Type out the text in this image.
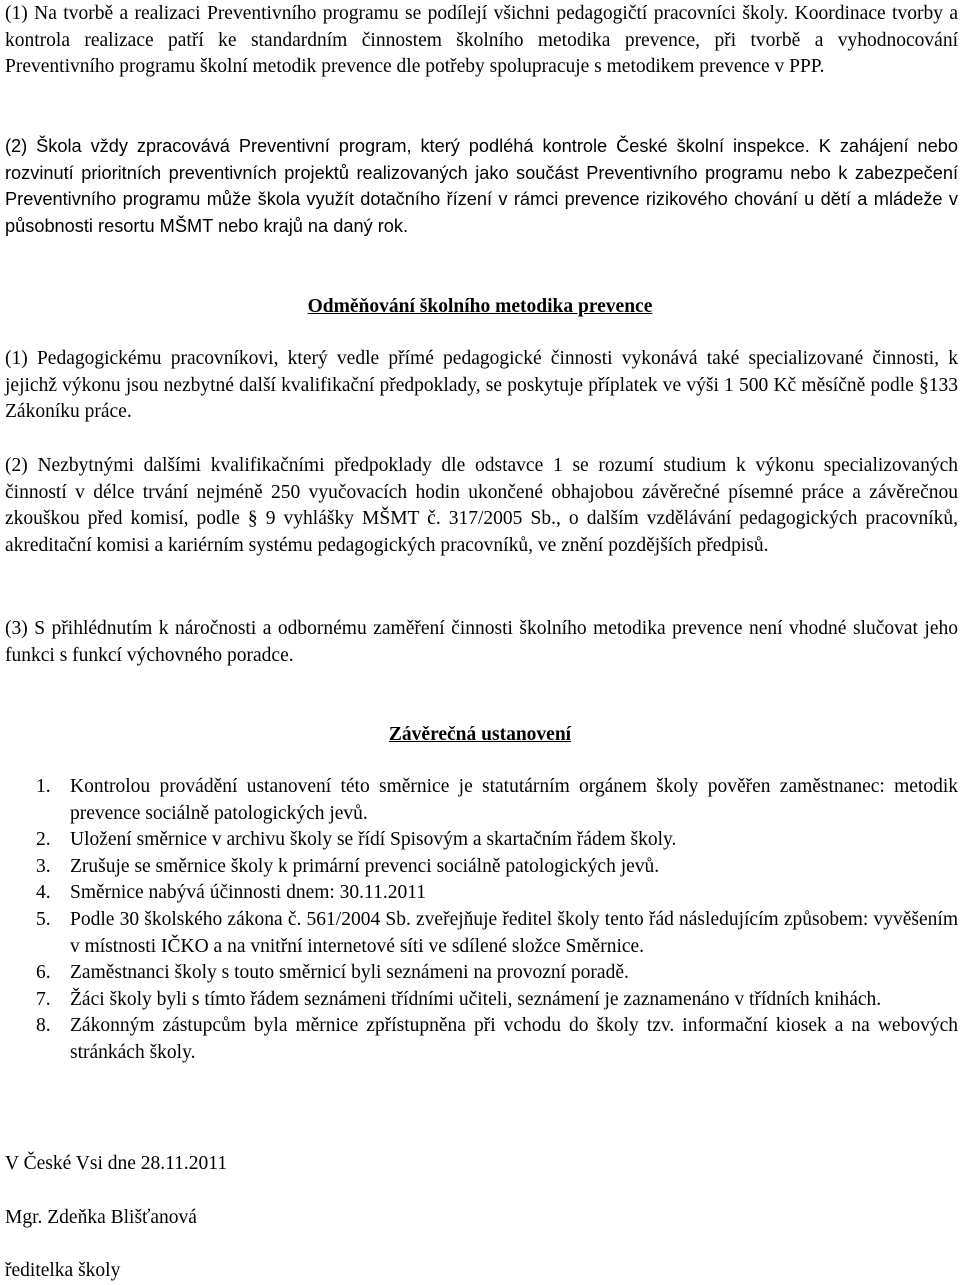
(1) Na tvorbě a realizaci Preventivního programu se podílejí všichni pedagogičtí pracovníci školy. Koordinace tvorby a kontrola realizace patří ke standardním činnostem školního metodika prevence, při tvorbě a vyhodnocování Preventivního programu školní metodik prevence dle potřeby spolupracuje s metodikem prevence v PPP.

(2) Škola vždy zpracovává Preventivní program, který podléhá kontrole České školní inspekce. K zahájení nebo rozvinutí prioritních preventivních projektů realizovaných jako součást Preventivního programu nebo k zabezpečení Preventivního programu může škola využít dotačního řízení v rámci prevence rizikového chování u dětí a mládeže v působnosti resortu MŠMT nebo krajů na daný rok.

Odměňování školního metodika prevence

(1) Pedagogickému pracovníkovi, který vedle přímé pedagogické činnosti vykonává také specializované činnosti, k jejichž výkonu jsou nezbytné další kvalifikační předpoklady, se poskytuje příplatek ve výši 1 500 Kč měsíčně podle §133 Zákoníku práce.

(2) Nezbytnými dalšími kvalifikačními předpoklady dle odstavce 1 se rozumí studium k výkonu specializovaných činností v délce trvání nejméně 250 vyučovacích hodin ukončené obhajobou závěrečné písemné práce a závěrečnou zkouškou před komisí, podle § 9 vyhlášky MŠMT č. 317/2005 Sb., o dalším vzdělávání pedagogických pracovníků, akreditační komisi a kariérním systému pedagogických pracovníků, ve znění pozdějších předpisů.

(3) S přihlédnutím k náročnosti a odbornému zaměření činnosti školního metodika prevence není vhodné slučovat jeho funkci s funkcí výchovného poradce.

Závěrečná ustanovení
1. Kontrolou provádění ustanovení této směrnice je statutárním orgánem školy pověřen zaměstnanec: metodik prevence sociálně patologických jevů.
2. Uložení směrnice v archivu školy se řídí Spisovým a skartačním řádem školy.
3. Zrušuje se směrnice školy k primární prevenci sociálně patologických jevů.
4. Směrnice nabývá účinnosti dnem: 30.11.2011
5. Podle 30 školského zákona č. 561/2004 Sb. zveřejňuje ředitel školy tento řád následujícím způsobem: vyvěšením v místnosti IČKO a na vnitřní internetové síti ve sdílené složce Směrnice.
6. Zaměstnanci školy s touto směrnicí byli seznámeni na provozní poradě.
7. Žáci školy byli s tímto řádem seznámeni třídními učiteli, seznámení je zaznamenáno v třídních knihách.
8. Zákonným zástupcům byla měrnice zpřístupněna při vchodu do školy tzv. informační kiosek a na webových stránkách školy.

V České Vsi dne 28.11.2011

Mgr. Zdeňka Blišťanová

ředitelka školy
